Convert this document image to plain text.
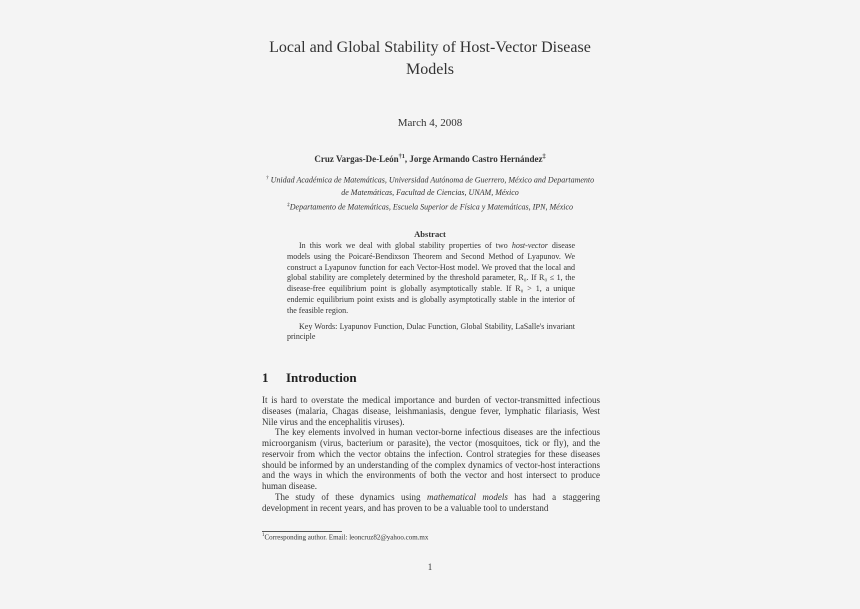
Local and Global Stability of Host-Vector Disease
Models
March 4, 2008
Cruz Vargas-De-León$^{\dagger 1}$, Jorge Armando Castro Hernández‡
† Unidad Académica de Matemáticas, Universidad Autónoma de Guerrero, México and Departamento de Matemáticas, Facultad de Ciencias, UNAM, México
‡Departamento de Matemáticas, Escuela Superior de Física y Matemáticas, IPN, México
Abstract

In this work we deal with global stability properties of two host-vector disease models using the Poicaré-Bendixson Theorem and Second Method of Lyapunov. We construct a Lyapunov function for each Vector-Host model. We proved that the local and global stability are completely determined by the threshold parameter, R₀. If R₀ ≤ 1, the disease-free equilibrium point is globally asymptotically stable. If R₀ > 1, a unique endemic equilibrium point exists and is globally asymptotically stable in the interior of the feasible region.

Key Words: Lyapunov Function, Dulac Function, Global Stability, LaSalle's invariant principle

1 Introduction

It is hard to overstate the medical importance and burden of vector-transmitted infectious diseases (malaria, Chagas disease, leishmaniasis, dengue fever, lymphatic filariasis, West Nile virus and the encephalitis viruses).

The key elements involved in human vector-borne infectious diseases are the infectious microorganism (virus, bacterium or parasite), the vector (mosquitoes, tick or fly), and the reservoir from which the vector obtains the infection. Control strategies for these diseases should be informed by an understanding of the complex dynamics of vector-host interactions and the ways in which the environments of both the vector and host intersect to produce human disease.

The study of these dynamics using mathematical models has had a staggering development in recent years, and has proven to be a valuable tool to understand

$^1$Corresponding author. Email: leoncruz82@yahoo.com.mx
1
